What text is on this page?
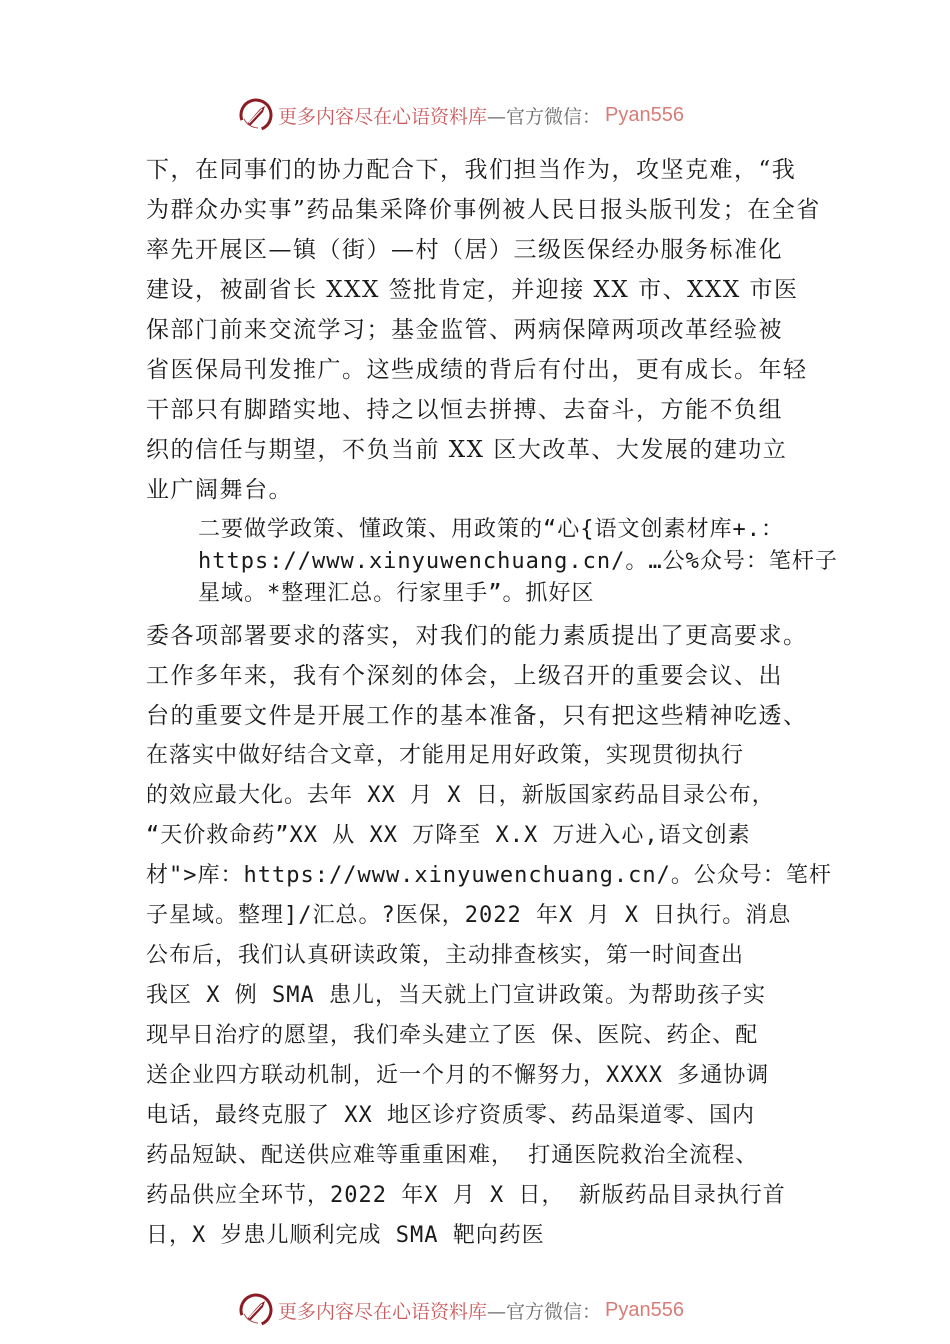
更多内容尽在心语资料库 —官方微信： Pyan556

下，在同事们的协力配合下，我们担当作为，攻坚克难，“我
为群众办实事”药品集采降价事例被人民日报头版刊发；在全省
率先开展区—镇（街）—村（居）三级医保经办服务标准化
建设，被副省长 XXX 签批肯定，并迎接 XX 市、XXX 市医
保部门前来交流学习；基金监管、两病保障两项改革经验被
省医保局刊发推广。这些成绩的背后有付出，更有成长。年轻
干部只有脚踏实地、持之以恒去拼搏、去奋斗，方能不负组
织的信任与期望，不负当前 XX 区大改革、大发展的建功立
业广阔舞台。

二要做学政策、懂政策、用政策的“心{语文创素材库+.：
https://www.xinyuwenchuang.cn/。…公%众号：笔杆子
星域。*整理汇总。行家里手”。抓好区

委各项部署要求的落实，对我们的能力素质提出了更高要求。
工作多年来，我有个深刻的体会，上级召开的重要会议、出
台的重要文件是开展工作的基本准备，只有把这些精神吃透、
在落实中做好结合文章，才能用足用好政策，实现贯彻执行
的效应最大化。去年 XX 月 X 日，新版国家药品目录公布，
“天价救命药”XX 从 XX 万降至 X.X 万进入心,语文创素
材">库：https://www.xinyuwenchuang.cn/。公众号：笔杆
子星域。整理]/汇总。?医保，2022 年X 月 X 日执行。消息
公布后，我们认真研读政策，主动排查核实，第一时间查出
我区 X 例 SMA 患儿，当天就上门宣讲政策。为帮助孩子实
现早日治疗的愿望，我们牵头建立了医 保、医院、药企、配
送企业四方联动机制，近一个月的不懈努力，XXXX 多通协调
电话，最终克服了 XX 地区诊疗资质零、药品渠道零、国内
药品短缺、配送供应难等重重困难， 打通医院救治全流程、
药品供应全环节，2022 年X 月 X 日， 新版药品目录执行首
日，X 岁患儿顺利完成 SMA 靶向药医

更多内容尽在心语资料库 —官方微信： Pyan556
